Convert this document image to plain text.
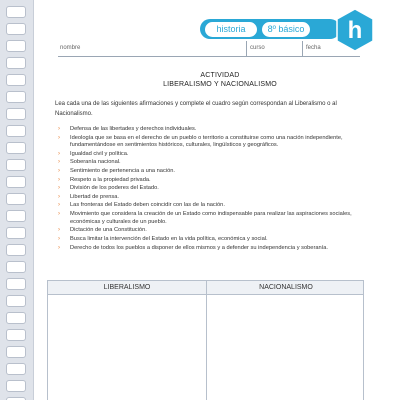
historia	8º básico h
nombre	curso	fecha
ACTIVIDAD
LIBERALISMO Y NACIONALISMO

Lea cada una de las siguientes afirmaciones y complete el cuadro según correspondan al Liberalismo o al Nacionalismo.

› Defensa de las libertades y derechos individuales.
› Ideología que se basa en el derecho de un pueblo o territorio a constituirse como una nación independiente, fundamentándose en sentimientos históricos, culturales, lingüísticos y geográficos.
› Igualdad civil y política.
› Soberanía nacional.
› Sentimiento de pertenencia a una nación.
› Respeto a la propiedad privada.
› División de los poderes del Estado.
› Libertad de prensa.
› Las fronteras del Estado deben coincidir con las de la nación.
› Movimiento que considera la creación de un Estado como indispensable para realizar las aspiraciones sociales, económicas y culturales de un pueblo.
› Dictación de una Constitución.
› Busca limitar la intervención del Estado en la vida política, económica y social.
› Derecho de todos los pueblos a disponer de ellos mismos y a defender su independencia y soberanía.
LIBERALISMO	NACIONALISMO
